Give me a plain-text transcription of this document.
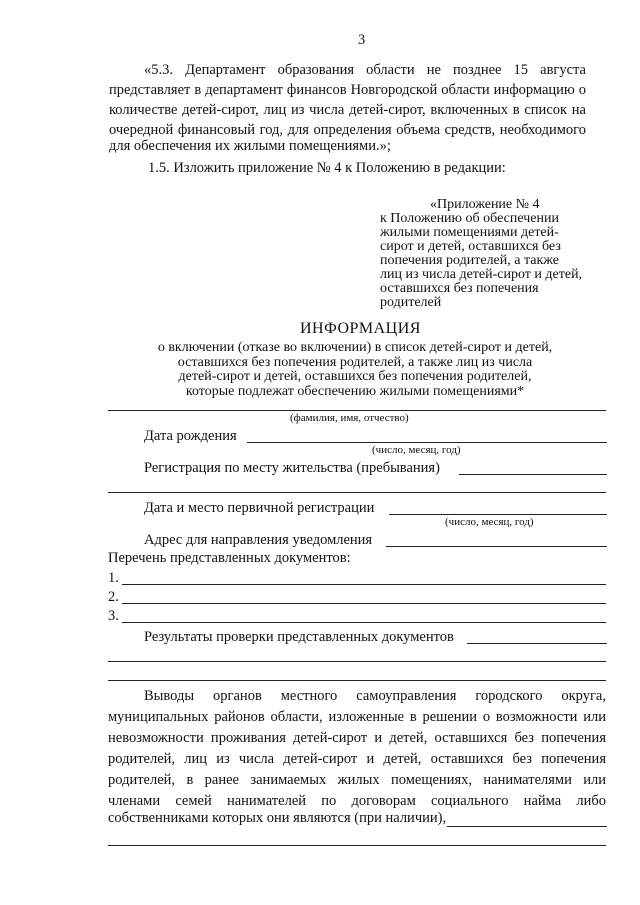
3
«5.3. Департамент образования области не позднее 15 августа
представляет в департамент финансов Новгородской области информацию о
количестве детей-сирот, лиц из числа детей-сирот, включенных в список на
очередной финансовый год, для определения объема средств, необходимого
для обеспечения их жилыми помещениями.»;
1.5. Изложить приложение № 4 к Положению в редакции:
«Приложение № 4
к Положению об обеспечении
жилыми помещениями детей-
сирот и детей, оставшихся без
попечения родителей, а также
лиц из числа детей-сирот и детей,
оставшихся без попечения
родителей
ИНФОРМАЦИЯ
о включении (отказе во включении) в список детей-сирот и детей,
оставшихся без попечения родителей, а также лиц из числа
детей-сирот и детей, оставшихся без попечения родителей,
которые подлежат обеспечению жилыми помещениями*
(фамилия, имя, отчество)
Дата рождения
(число, месяц, год)
Регистрация по месту жительства (пребывания)
Дата и место первичной регистрации
(число, месяц, год)
Адрес для направления уведомления
Перечень представленных документов:
1.
2.
3.
Результаты проверки представленных документов
Выводы органов местного самоуправления городского округа,
муниципальных районов области, изложенные в решении о возможности или
невозможности проживания детей-сирот и детей, оставшихся без попечения
родителей, лиц из числа детей-сирот и детей, оставшихся без попечения
родителей, в ранее занимаемых жилых помещениях, нанимателями или
членами семей нанимателей по договорам социального найма либо
собственниками которых они являются (при наличии),
